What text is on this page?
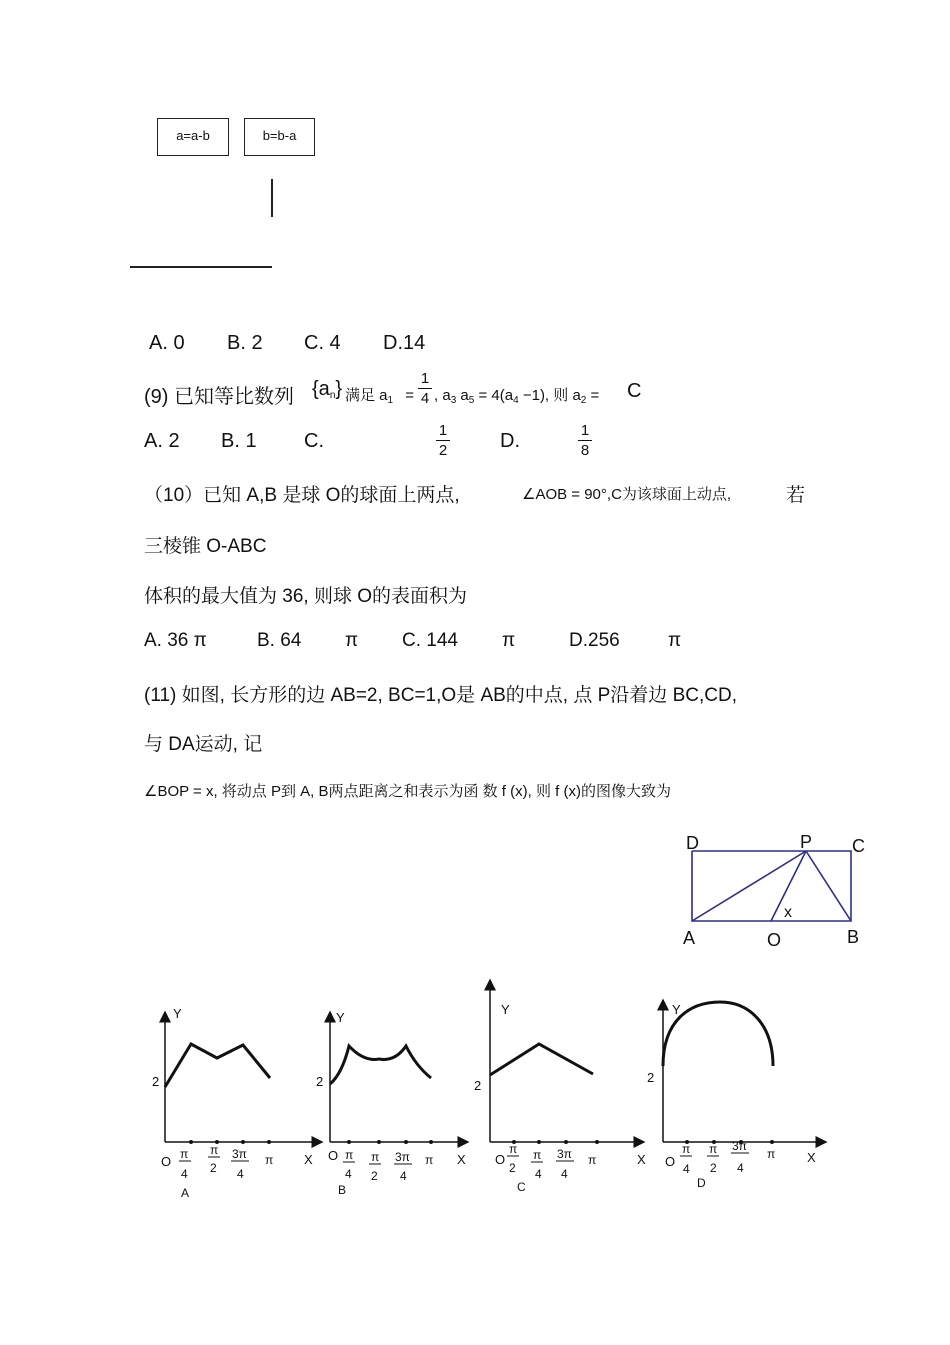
a=a-b	b=b-a
A. 0 B. 2 C. 4 D.14
(9) 已知等比数列 $\{a_n\}$ 满足 $a_1$ =
1
4 , $a_3$ $a_5 = 4(a_4 -1)$, 则 $a_2 = C$
A. 2 B. 1 C.	1
2	D.	1
8
（10）已知 A,B 是球 O的球面上两点,	∠AOB = 90°,C为该球面上动点,	若
三棱锥 O-ABC
体积的最大值为 36, 则球 O的表面积为
A. 36 π	B. 64 π C. 144 π	D.256	π
(11) 如图, 长方形的边 AB=2, BC=1,O是 AB的中点, 点 P沿着边 BC,CD,
与 DA运动, 记
∠BOP = x, 将动点 P到 A, B两点距离之和表示为函 数 f (x), 则 f (x)的图像大致为
D	P C
x
A	O	B
Y
2
O π
4
π
2
3π
4
π X
A
Y
2
O π
4
π
2
3π
4
π X
B
Y
2
O
π
2
π
4
3π
4
π	X
C
Y
2
O
π
4
π
2
3π
4
π X
D
